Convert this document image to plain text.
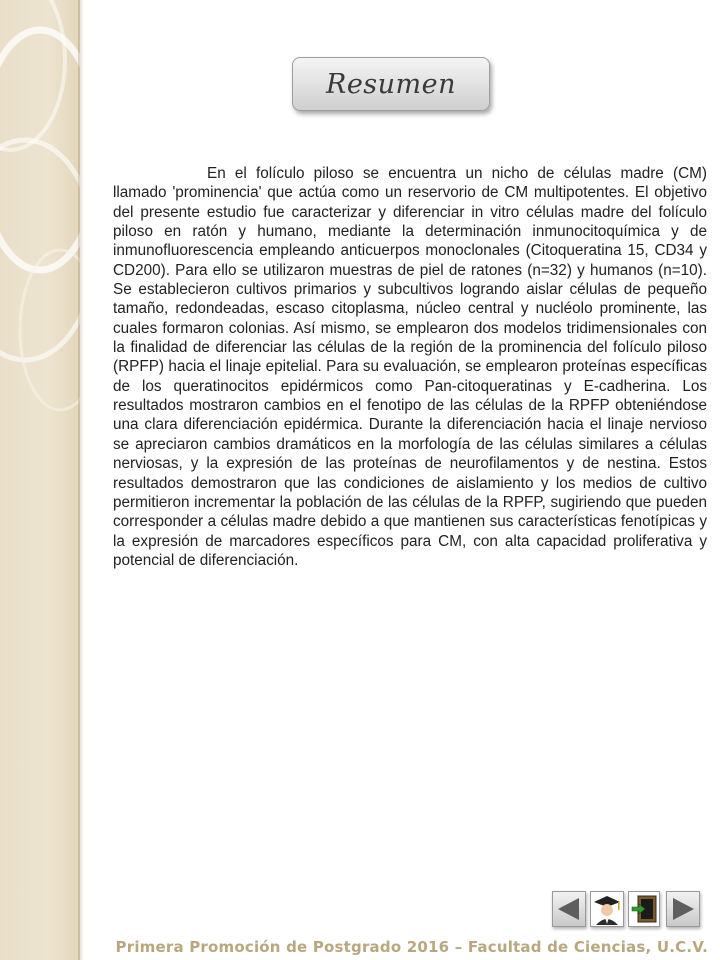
Resumen

En el folículo piloso se encuentra un nicho de células madre (CM) llamado 'prominencia' que actúa como un reservorio de CM multipotentes. El objetivo del presente estudio fue caracterizar y diferenciar in vitro células madre del folículo piloso en ratón y humano, mediante la determinación inmunocitoquímica y de inmunofluorescencia empleando anticuerpos monoclonales (Citoqueratina 15, CD34 y CD200). Para ello se utilizaron muestras de piel de ratones (n=32) y humanos (n=10). Se establecieron cultivos primarios y subcultivos logrando aislar células de pequeño tamaño, redondeadas, escaso citoplasma, núcleo central y nucléolo prominente, las cuales formaron colonias. Así mismo, se emplearon dos modelos tridimensionales con la finalidad de diferenciar las células de la región de la prominencia del folículo piloso (RPFP) hacia el linaje epitelial. Para su evaluación, se emplearon proteínas específicas de los queratinocitos epidérmicos como Pan-citoqueratinas y E-cadherina. Los resultados mostraron cambios en el fenotipo de las células de la RPFP obteniéndose una clara diferenciación epidérmica. Durante la diferenciación hacia el linaje nervioso se apreciaron cambios dramáticos en la morfología de las células similares a células nerviosas, y la expresión de las proteínas de neurofilamentos y de nestina. Estos resultados demostraron que las condiciones de aislamiento y los medios de cultivo permitieron incrementar la población de las células de la RPFP, sugiriendo que pueden corresponder a células madre debido a que mantienen sus características fenotípicas y la expresión de marcadores específicos para CM, con alta capacidad proliferativa y potencial de diferenciación.

Primera Promoción de Postgrado 2016 – Facultad de Ciencias, U.C.V.
